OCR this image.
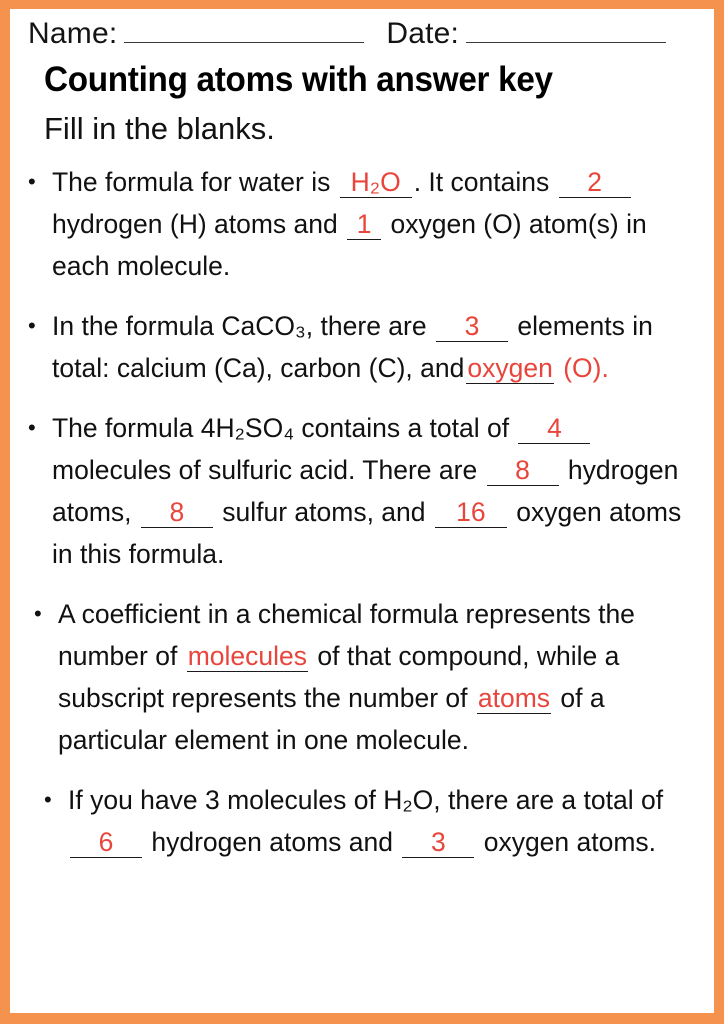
Name:	Date:
Counting atoms with answer key
Fill in the blanks.
• The formula for water is H₂O . It contains 2 hydrogen (H) atoms and 1 oxygen (O) atom(s) in each molecule.
• In the formula CaCO₃, there are 3 elements in total: calcium (Ca), carbon (C), and oxygen (O).
• The formula 4H₂SO₄ contains a total of 4 molecules of sulfuric acid. There are 8 hydrogen atoms, 8 sulfur atoms, and 16 oxygen atoms in this formula.
• A coefficient in a chemical formula represents the number of molecules of that compound, while a subscript represents the number of atoms of a particular element in one molecule.
• If you have 3 molecules of H₂O, there are a total of 6 hydrogen atoms and 3 oxygen atoms.
